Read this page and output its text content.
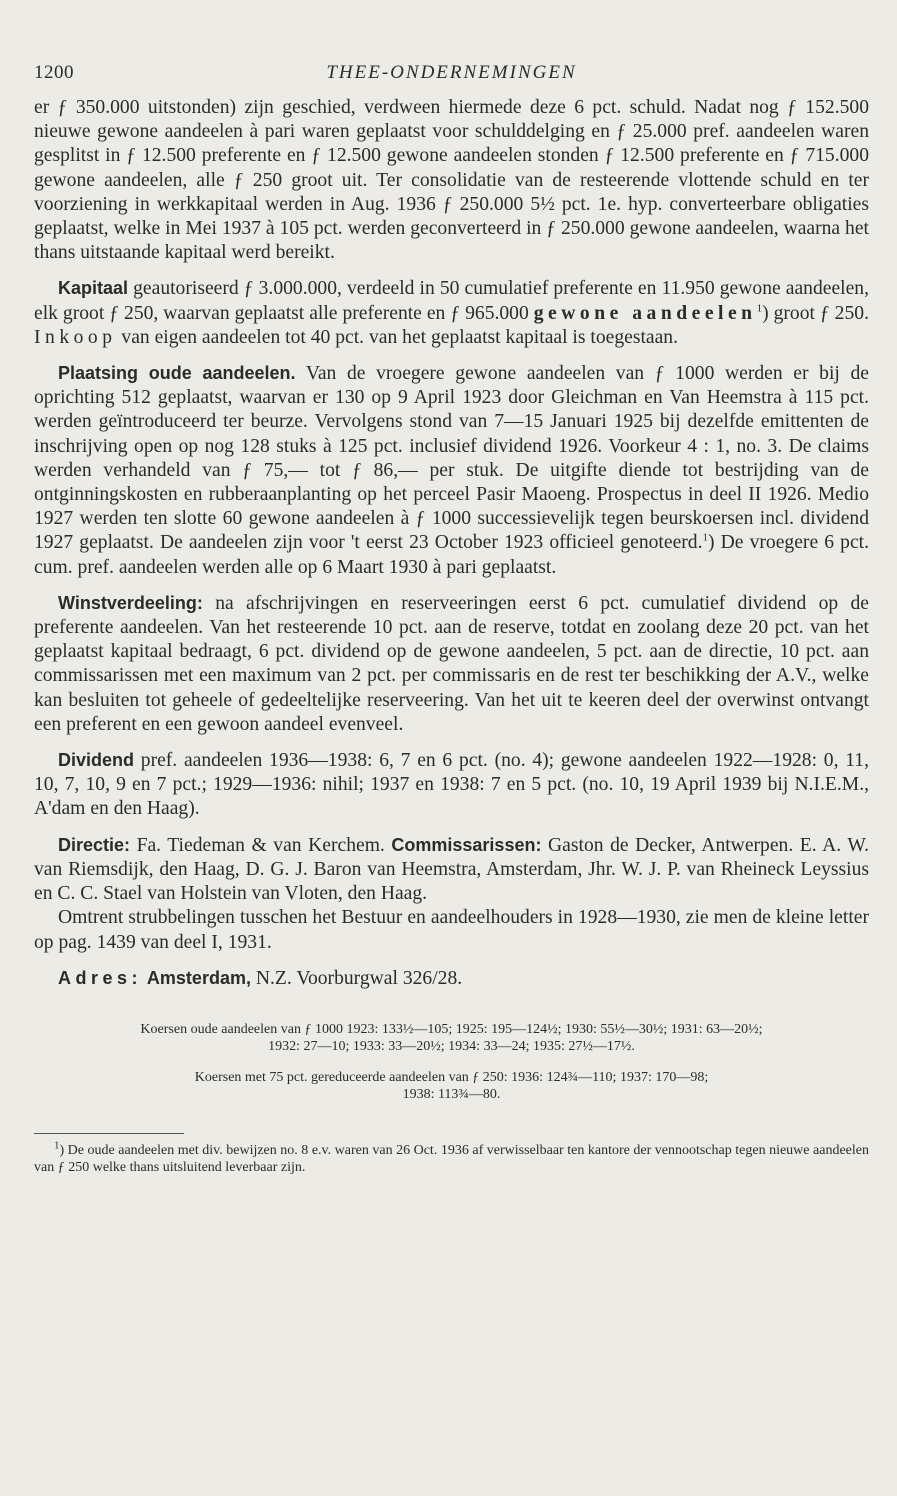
1200	THEE-ONDERNEMINGEN

er ƒ 350.000 uitstonden) zijn geschied, verdween hiermede deze 6 pct. schuld. Nadat nog ƒ 152.500 nieuwe gewone aandeelen à pari waren geplaatst voor schulddelging en ƒ 25.000 pref. aandeelen waren gesplitst in ƒ 12.500 preferente en ƒ 12.500 gewone aandeelen stonden ƒ 12.500 preferente en ƒ 715.000 gewone aandeelen, alle ƒ 250 groot uit. Ter consolidatie van de resteerende vlottende schuld en ter voorziening in werkkapitaal werden in Aug. 1936 ƒ 250.000 5½ pct. 1e. hyp. converteerbare obligaties geplaatst, welke in Mei 1937 à 105 pct. werden geconverteerd in ƒ 250.000 gewone aandeelen, waarna het thans uitstaande kapitaal werd bereikt.

Kapitaal geautoriseerd ƒ 3.000.000, verdeeld in 50 cumulatief preferente en 11.950 gewone aandeelen, elk groot ƒ 250, waarvan geplaatst alle preferente en ƒ 965.000 gewone aandeelen$^1$) groot ƒ 250. Inkoop van eigen aandeelen tot 40 pct. van het geplaatst kapitaal is toegestaan.

Plaatsing oude aandeelen. Van de vroegere gewone aandeelen van ƒ 1000 werden er bij de oprichting 512 geplaatst, waarvan er 130 op 9 April 1923 door Gleichman en Van Heemstra à 115 pct. werden geïntroduceerd ter beurze. Vervolgens stond van 7—15 Januari 1925 bij dezelfde emittenten de inschrijving open op nog 128 stuks à 125 pct. inclusief dividend 1926. Voorkeur 4 : 1, no. 3. De claims werden verhandeld van ƒ 75,— tot ƒ 86,— per stuk. De uitgifte diende tot bestrijding van de ontginningskosten en rubberaanplanting op het perceel Pasir Maoeng. Prospectus in deel II 1926. Medio 1927 werden ten slotte 60 gewone aandeelen à ƒ 1000 successievelijk tegen beurskoersen incl. dividend 1927 geplaatst. De aandeelen zijn voor 't eerst 23 October 1923 officieel genoteerd.$^1$) De vroegere 6 pct. cum. pref. aandeelen werden alle op 6 Maart 1930 à pari geplaatst.

Winstverdeeling: na afschrijvingen en reserveeringen eerst 6 pct. cumulatief dividend op de preferente aandeelen. Van het resteerende 10 pct. aan de reserve, totdat en zoolang deze 20 pct. van het geplaatst kapitaal bedraagt, 6 pct. dividend op de gewone aandeelen, 5 pct. aan de directie, 10 pct. aan commissarissen met een maximum van 2 pct. per commissaris en de rest ter beschikking der A.V., welke kan besluiten tot geheele of gedeeltelijke reserveering. Van het uit te keeren deel der overwinst ontvangt een preferent en een gewoon aandeel evenveel.

Dividend pref. aandeelen 1936—1938: 6, 7 en 6 pct. (no. 4); gewone aandeelen 1922—1928: 0, 11, 10, 7, 10, 9 en 7 pct.; 1929—1936: nihil; 1937 en 1938: 7 en 5 pct. (no. 10, 19 April 1939 bij N.I.E.M., A'dam en den Haag).

Directie: Fa. Tiedeman & van Kerchem. Commissarissen: Gaston de Decker, Antwerpen. E. A. W. van Riemsdijk, den Haag, D. G. J. Baron van Heemstra, Amsterdam, Jhr. W. J. P. van Rheineck Leyssius en C. C. Stael van Holstein van Vloten, den Haag.

Omtrent strubbelingen tusschen het Bestuur en aandeelhouders in 1928—1930, zie men de kleine letter op pag. 1439 van deel I, 1931.

Adres: Amsterdam, N.Z. Voorburgwal 326/28.

Koersen oude aandeelen van ƒ 1000 1923: 133½—105; 1925: 195—124½; 1930: 55½—30½; 1931: 63—20½;

1932: 27—10; 1933: 33—20½; 1934: 33—24; 1935: 27½—17½.

Koersen met 75 pct. gereduceerde aandeelen van ƒ 250: 1936: 124¾—110; 1937: 170—98;

1938: 113¾—80.

$^1$) De oude aandeelen met div. bewijzen no. 8 e.v. waren van 26 Oct. 1936 af verwisselbaar ten kantore der vennootschap tegen nieuwe aandeelen van ƒ 250 welke thans uitsluitend leverbaar zijn.
